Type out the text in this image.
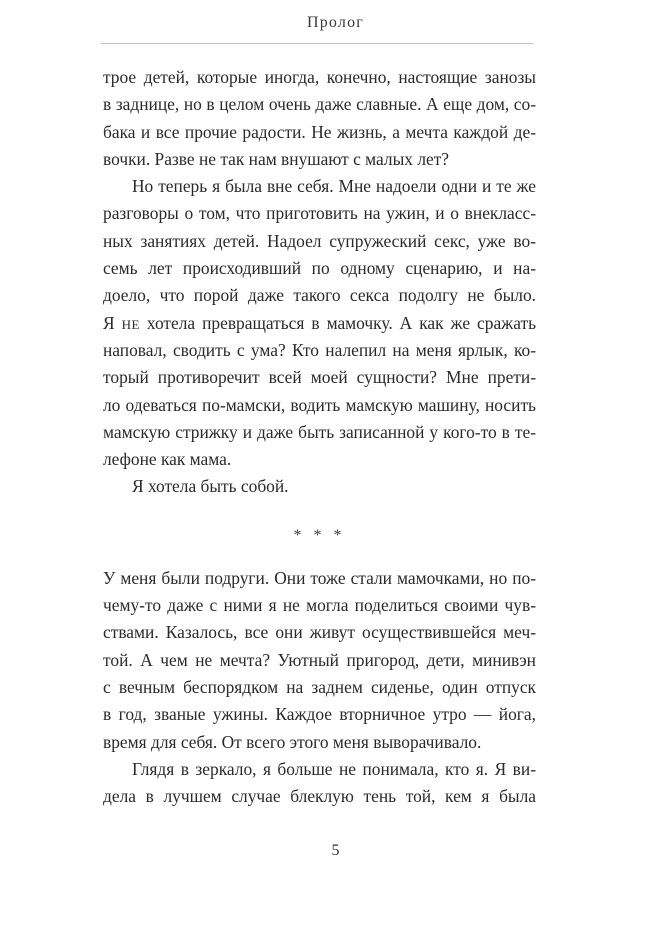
Пролог
трое детей, которые иногда, конечно, настоящие занозы
в заднице, но в целом очень даже славные. А еще дом, со-
бака и все прочие радости. Не жизнь, а мечта каждой де-
вочки. Разве не так нам внушают с малых лет?
Но теперь я была вне себя. Мне надоели одни и те же
разговоры о том, что приготовить на ужин, и о внекласс-
ных занятиях детей. Надоел супружеский секс, уже во-
семь лет происходивший по одному сценарию, и на-
доело, что порой даже такого секса подолгу не было.
Я НЕ хотела превращаться в мамочку. А как же сражать
наповал, сводить с ума? Кто налепил на меня ярлык, ко-
торый противоречит всей моей сущности? Мне прети-
ло одеваться по-мамски, водить мамскую машину, носить
мамскую стрижку и даже быть записанной у кого-то в те-
лефоне как мама.
Я хотела быть собой.
* * *
У меня были подруги. Они тоже стали мамочками, но по-
чему-то даже с ними я не могла поделиться своими чув-
ствами. Казалось, все они живут осуществившейся меч-
той. А чем не мечта? Уютный пригород, дети, минивэн
с вечным беспорядком на заднем сиденье, один отпуск
в год, званые ужины. Каждое вторничное утро — йога,
время для себя. От всего этого меня выворачивало.
Глядя в зеркало, я больше не понимала, кто я. Я ви-
дела в лучшем случае блеклую тень той, кем я была
5
